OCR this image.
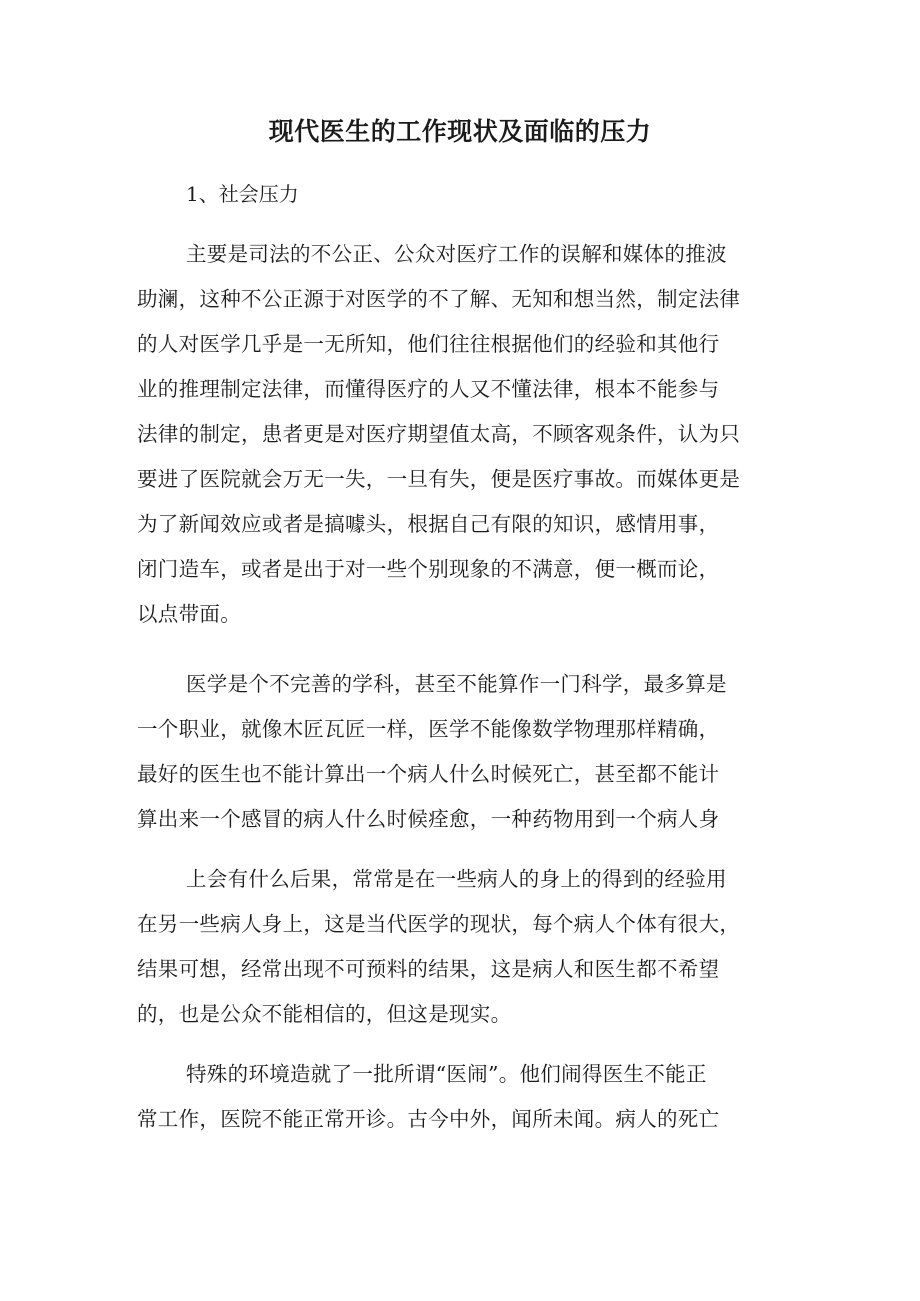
现代医生的工作现状及面临的压力
1、社会压力
主要是司法的不公正、公众对医疗工作的误解和媒体的推波
助澜，这种不公正源于对医学的不了解、无知和想当然，制定法律
的人对医学几乎是一无所知，他们往往根据他们的经验和其他行
业的推理制定法律，而懂得医疗的人又不懂法律，根本不能参与
法律的制定，患者更是对医疗期望值太高，不顾客观条件，认为只
要进了医院就会万无一失，一旦有失，便是医疗事故。而媒体更是
为了新闻效应或者是搞噱头，根据自己有限的知识，感情用事，
闭门造车，或者是出于对一些个别现象的不满意，便一概而论，
以点带面。
医学是个不完善的学科，甚至不能算作一门科学，最多算是
一个职业，就像木匠瓦匠一样，医学不能像数学物理那样精确，
最好的医生也不能计算出一个病人什么时候死亡，甚至都不能计
算出来一个感冒的病人什么时候痊愈，一种药物用到一个病人身
上会有什么后果，常常是在一些病人的身上的得到的经验用
在另一些病人身上，这是当代医学的现状，每个病人个体有很大，
结果可想，经常出现不可预料的结果，这是病人和医生都不希望
的，也是公众不能相信的，但这是现实。
特殊的环境造就了一批所谓“医闹”。他们闹得医生不能正
常工作，医院不能正常开诊。古今中外，闻所未闻。病人的死亡
